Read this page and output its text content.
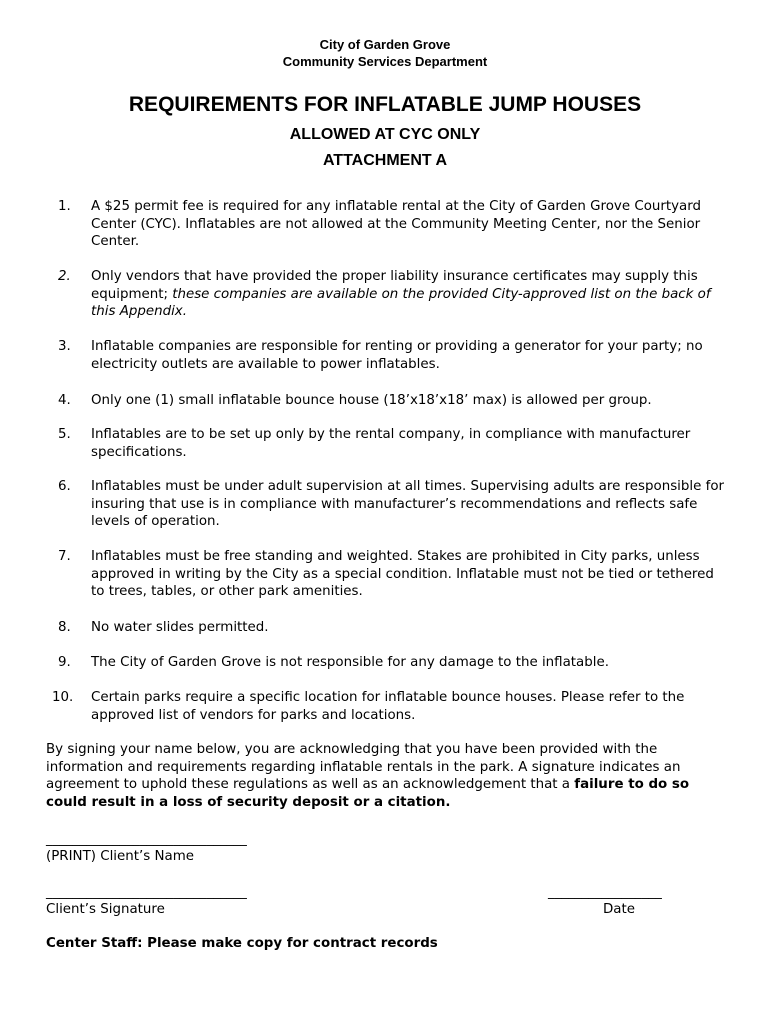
City of Garden Grove
Community Services Department
REQUIREMENTS FOR INFLATABLE JUMP HOUSES
ALLOWED AT CYC ONLY
ATTACHMENT A
1.	A $25 permit fee is required for any inflatable rental at the City of Garden Grove Courtyard Center (CYC). Inflatables are not allowed at the Community Meeting Center, nor the Senior Center.
2.	Only vendors that have provided the proper liability insurance certificates may supply this equipment; these companies are available on the provided City-approved list on the back of this Appendix.
3.	Inflatable companies are responsible for renting or providing a generator for your party; no electricity outlets are available to power inflatables.
4.	Only one (1) small inflatable bounce house (18’x18’x18’ max) is allowed per group.
5.	Inflatables are to be set up only by the rental company, in compliance with manufacturer specifications.
6.	Inflatables must be under adult supervision at all times. Supervising adults are responsible for insuring that use is in compliance with manufacturer’s recommendations and reflects safe levels of operation.
7.	Inflatables must be free standing and weighted. Stakes are prohibited in City parks, unless approved in writing by the City as a special condition. Inflatable must not be tied or tethered to trees, tables, or other park amenities.
8.	No water slides permitted.
9.	The City of Garden Grove is not responsible for any damage to the inflatable.
10.	Certain parks require a specific location for inflatable bounce houses. Please refer to the approved list of vendors for parks and locations.
By signing your name below, you are acknowledging that you have been provided with the information and requirements regarding inflatable rentals in the park. A signature indicates an agreement to uphold these regulations as well as an acknowledgement that a failure to do so could result in a loss of security deposit or a citation.
______________________________
(PRINT) Client’s Name
______________________________
Client’s Signature
_________________
Date
Center Staff: Please make copy for contract records
